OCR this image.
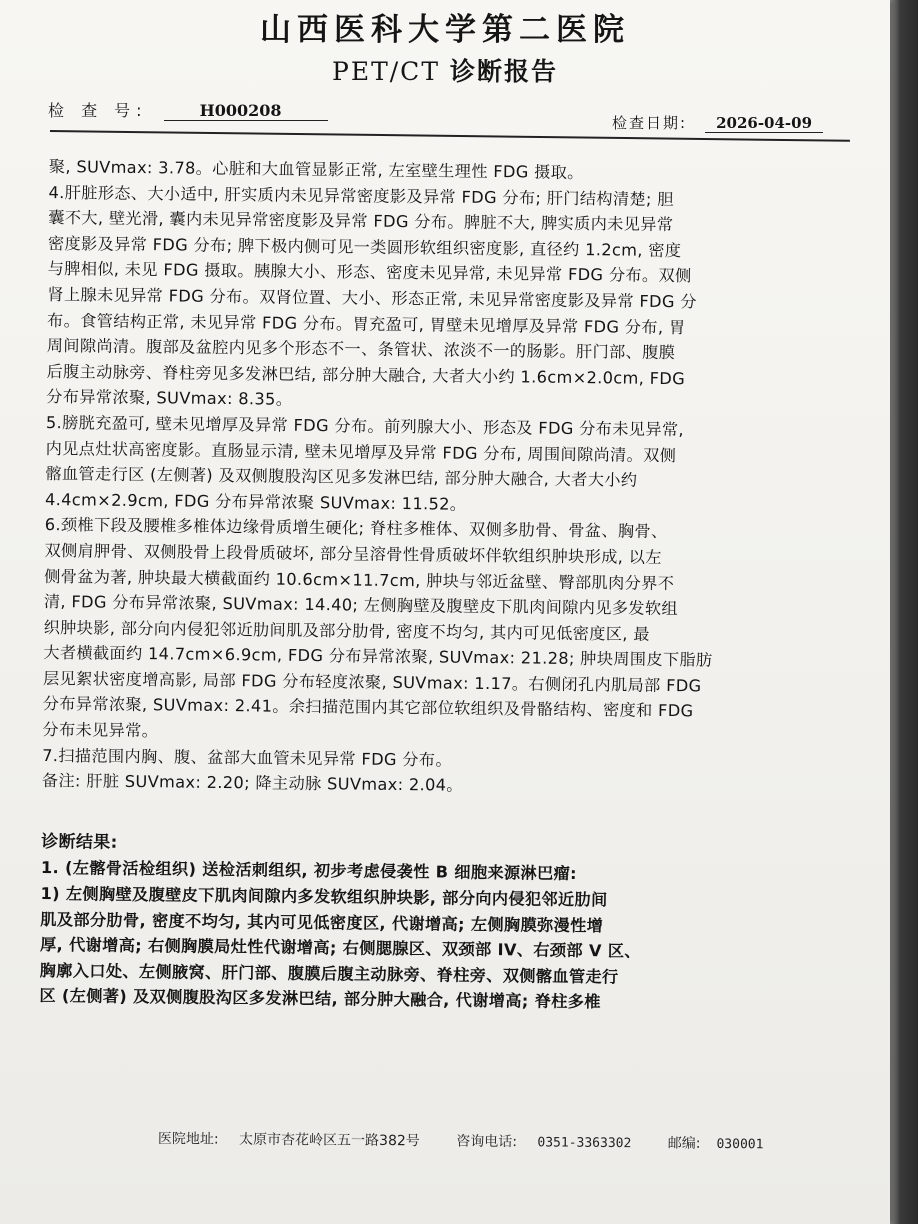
山西医科大学第二医院
PET/CT 诊断报告
检 查 号:	H000208
检查日期: 2026-04-09

聚, SUVmax: 3.78。心脏和大血管显影正常, 左室壁生理性 FDG 摄取。

4.肝脏形态、大小适中, 肝实质内未见异常密度影及异常 FDG 分布; 肝门结构清楚; 胆

囊不大, 壁光滑, 囊内未见异常密度影及异常 FDG 分布。脾脏不大, 脾实质内未见异常

密度影及异常 FDG 分布; 脾下极内侧可见一类圆形软组织密度影, 直径约 1.2cm, 密度

与脾相似, 未见 FDG 摄取。胰腺大小、形态、密度未见异常, 未见异常 FDG 分布。双侧

肾上腺未见异常 FDG 分布。双肾位置、大小、形态正常, 未见异常密度影及异常 FDG 分

布。食管结构正常, 未见异常 FDG 分布。胃充盈可, 胃壁未见增厚及异常 FDG 分布, 胃

周间隙尚清。腹部及盆腔内见多个形态不一、条管状、浓淡不一的肠影。肝门部、腹膜

后腹主动脉旁、脊柱旁见多发淋巴结, 部分肿大融合, 大者大小约 1.6cm×2.0cm, FDG

分布异常浓聚, SUVmax: 8.35。

5.膀胱充盈可, 壁未见增厚及异常 FDG 分布。前列腺大小、形态及 FDG 分布未见异常,

内见点灶状高密度影。直肠显示清, 壁未见增厚及异常 FDG 分布, 周围间隙尚清。双侧

髂血管走行区 (左侧著) 及双侧腹股沟区见多发淋巴结, 部分肿大融合, 大者大小约

4.4cm×2.9cm, FDG 分布异常浓聚 SUVmax: 11.52。

6.颈椎下段及腰椎多椎体边缘骨质增生硬化; 脊柱多椎体、双侧多肋骨、骨盆、胸骨、

双侧肩胛骨、双侧股骨上段骨质破坏, 部分呈溶骨性骨质破坏伴软组织肿块形成, 以左

侧骨盆为著, 肿块最大横截面约 10.6cm×11.7cm, 肿块与邻近盆壁、臀部肌肉分界不

清, FDG 分布异常浓聚, SUVmax: 14.40; 左侧胸壁及腹壁皮下肌肉间隙内见多发软组

织肿块影, 部分向内侵犯邻近肋间肌及部分肋骨, 密度不均匀, 其内可见低密度区, 最

大者横截面约 14.7cm×6.9cm, FDG 分布异常浓聚, SUVmax: 21.28; 肿块周围皮下脂肪

层见絮状密度增高影, 局部 FDG 分布轻度浓聚, SUVmax: 1.17。右侧闭孔内肌局部 FDG

分布异常浓聚, SUVmax: 2.41。余扫描范围内其它部位软组织及骨骼结构、密度和 FDG

分布未见异常。

7.扫描范围内胸、腹、盆部大血管未见异常 FDG 分布。

备注: 肝脏 SUVmax: 2.20; 降主动脉 SUVmax: 2.04。

诊断结果:

1. (左髂骨活检组织) 送检活刺组织, 初步考虑侵袭性 B 细胞来源淋巴瘤:

1) 左侧胸壁及腹壁皮下肌肉间隙内多发软组织肿块影, 部分向内侵犯邻近肋间

肌及部分肋骨, 密度不均匀, 其内可见低密度区, 代谢增高; 左侧胸膜弥漫性增

厚, 代谢增高; 右侧胸膜局灶性代谢增高; 右侧腮腺区、双颈部 IV、右颈部 V 区、

胸廓入口处、左侧腋窝、肝门部、腹膜后腹主动脉旁、脊柱旁、双侧髂血管走行

区 (左侧著) 及双侧腹股沟区多发淋巴结, 部分肿大融合, 代谢增高; 脊柱多椎

医院地址: 太原市杏花岭区五一路382号	咨询电话: 0351-3363302	邮编: 030001
